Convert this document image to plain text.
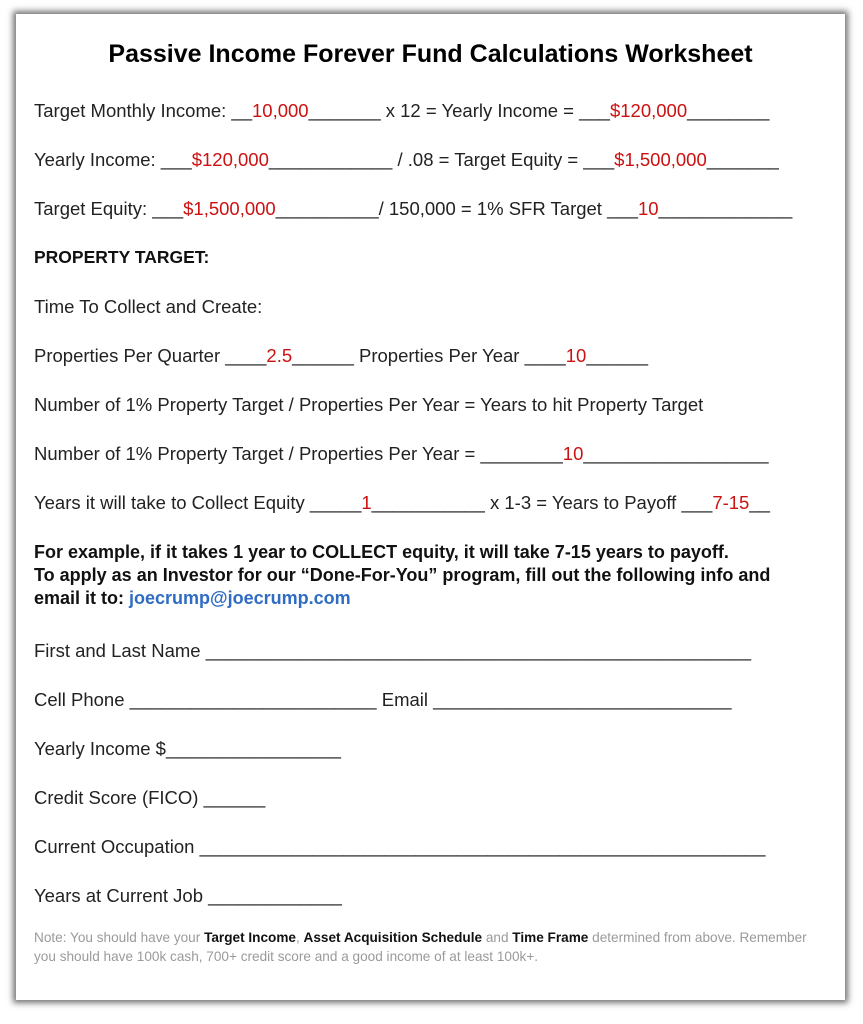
Passive Income Forever Fund Calculations Worksheet
Target Monthly Income: __10,000_______ x 12 = Yearly Income = ___$120,000________
Yearly Income: ___$120,000____________ / .08 = Target Equity = ___$1,500,000_______
Target Equity: ___$1,500,000__________/ 150,000 = 1% SFR Target ___10_____________
PROPERTY TARGET:
Time To Collect and Create:
Properties Per Quarter ____2.5______ Properties Per Year ____10______
Number of 1% Property Target / Properties Per Year = Years to hit Property Target
Number of 1% Property Target / Properties Per Year = ________10__________________
Years it will take to Collect Equity _____1___________ x 1-3 = Years to Payoff ___7-15__
For example, if it takes 1 year to COLLECT equity, it will take 7-15 years to payoff.
To apply as an Investor for our “Done-For-You” program, fill out the following info and
email it to: joecrump@joecrump.com
First and Last Name _____________________________________________________
Cell Phone ________________________ Email _____________________________
Yearly Income $_________________
Credit Score (FICO) ______
Current Occupation _______________________________________________________
Years at Current Job _____________
Note: You should have your Target Income, Asset Acquisition Schedule and Time Frame determined from above. Remember you should have 100k cash, 700+ credit score and a good income of at least 100k+.
